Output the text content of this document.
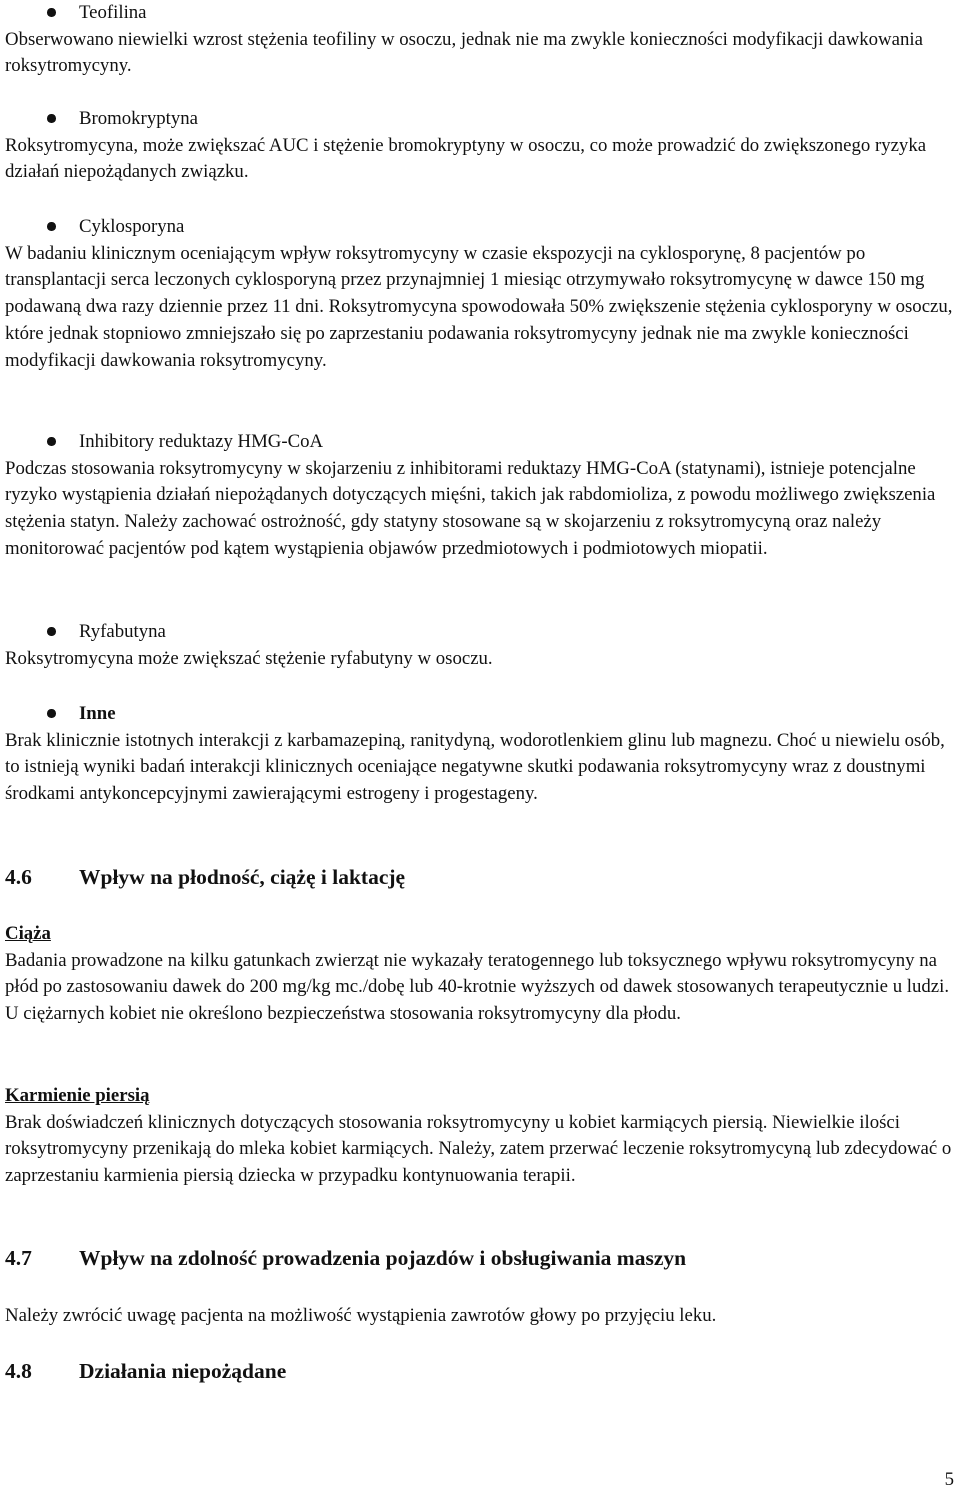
Teofilina

Obserwowano niewielki wzrost stężenia teofiliny w osoczu, jednak nie ma zwykle konieczności modyfikacji dawkowania roksytromycyny.

Bromokryptyna

Roksytromycyna, może zwiększać AUC i stężenie bromokryptyny w osoczu, co może prowadzić do zwiększonego ryzyka działań niepożądanych związku.

Cyklosporyna

W badaniu klinicznym oceniającym wpływ roksytromycyny w czasie ekspozycji na cyklosporynę, 8 pacjentów po transplantacji serca leczonych cyklosporyną przez przynajmniej 1 miesiąc otrzymywało roksytromycynę w dawce 150 mg podawaną dwa razy dziennie przez 11 dni. Roksytromycyna spowodowała 50% zwiększenie stężenia cyklosporyny w osoczu, które jednak stopniowo zmniejszało się po zaprzestaniu podawania roksytromycyny jednak nie ma zwykle konieczności modyfikacji dawkowania roksytromycyny.

Inhibitory reduktazy HMG-CoA

Podczas stosowania roksytromycyny w skojarzeniu z inhibitorami reduktazy HMG-CoA (statynami), istnieje potencjalne ryzyko wystąpienia działań niepożądanych dotyczących mięśni, takich jak rabdomioliza, z powodu możliwego zwiększenia stężenia statyn. Należy zachować ostrożność, gdy statyny stosowane są w skojarzeniu z roksytromycyną oraz należy monitorować pacjentów pod kątem wystąpienia objawów przedmiotowych i podmiotowych miopatii.

Ryfabutyna

Roksytromycyna może zwiększać stężenie ryfabutyny w osoczu.

Inne

Brak klinicznie istotnych interakcji z karbamazepiną, ranitydyną, wodorotlenkiem glinu lub magnezu. Choć u niewielu osób, to istnieją wyniki badań interakcji klinicznych oceniające negatywne skutki podawania roksytromycyny wraz z doustnymi środkami antykoncepcyjnymi zawierającymi estrogeny i progestageny.

4.6 Wpływ na płodność, ciążę i laktację

Ciąża

Badania prowadzone na kilku gatunkach zwierząt nie wykazały teratogennego lub toksycznego wpływu roksytromycyny na płód po zastosowaniu dawek do 200 mg/kg mc./dobę lub 40-krotnie wyższych od dawek stosowanych terapeutycznie u ludzi. U ciężarnych kobiet nie określono bezpieczeństwa stosowania roksytromycyny dla płodu.

Karmienie piersią

Brak doświadczeń klinicznych dotyczących stosowania roksytromycyny u kobiet karmiących piersią. Niewielkie ilości roksytromycyny przenikają do mleka kobiet karmiących. Należy, zatem przerwać leczenie roksytromycyną lub zdecydować o zaprzestaniu karmienia piersią dziecka w przypadku kontynuowania terapii.

4.7 Wpływ na zdolność prowadzenia pojazdów i obsługiwania maszyn

Należy zwrócić uwagę pacjenta na możliwość wystąpienia zawrotów głowy po przyjęciu leku.

4.8 Działania niepożądane
5
